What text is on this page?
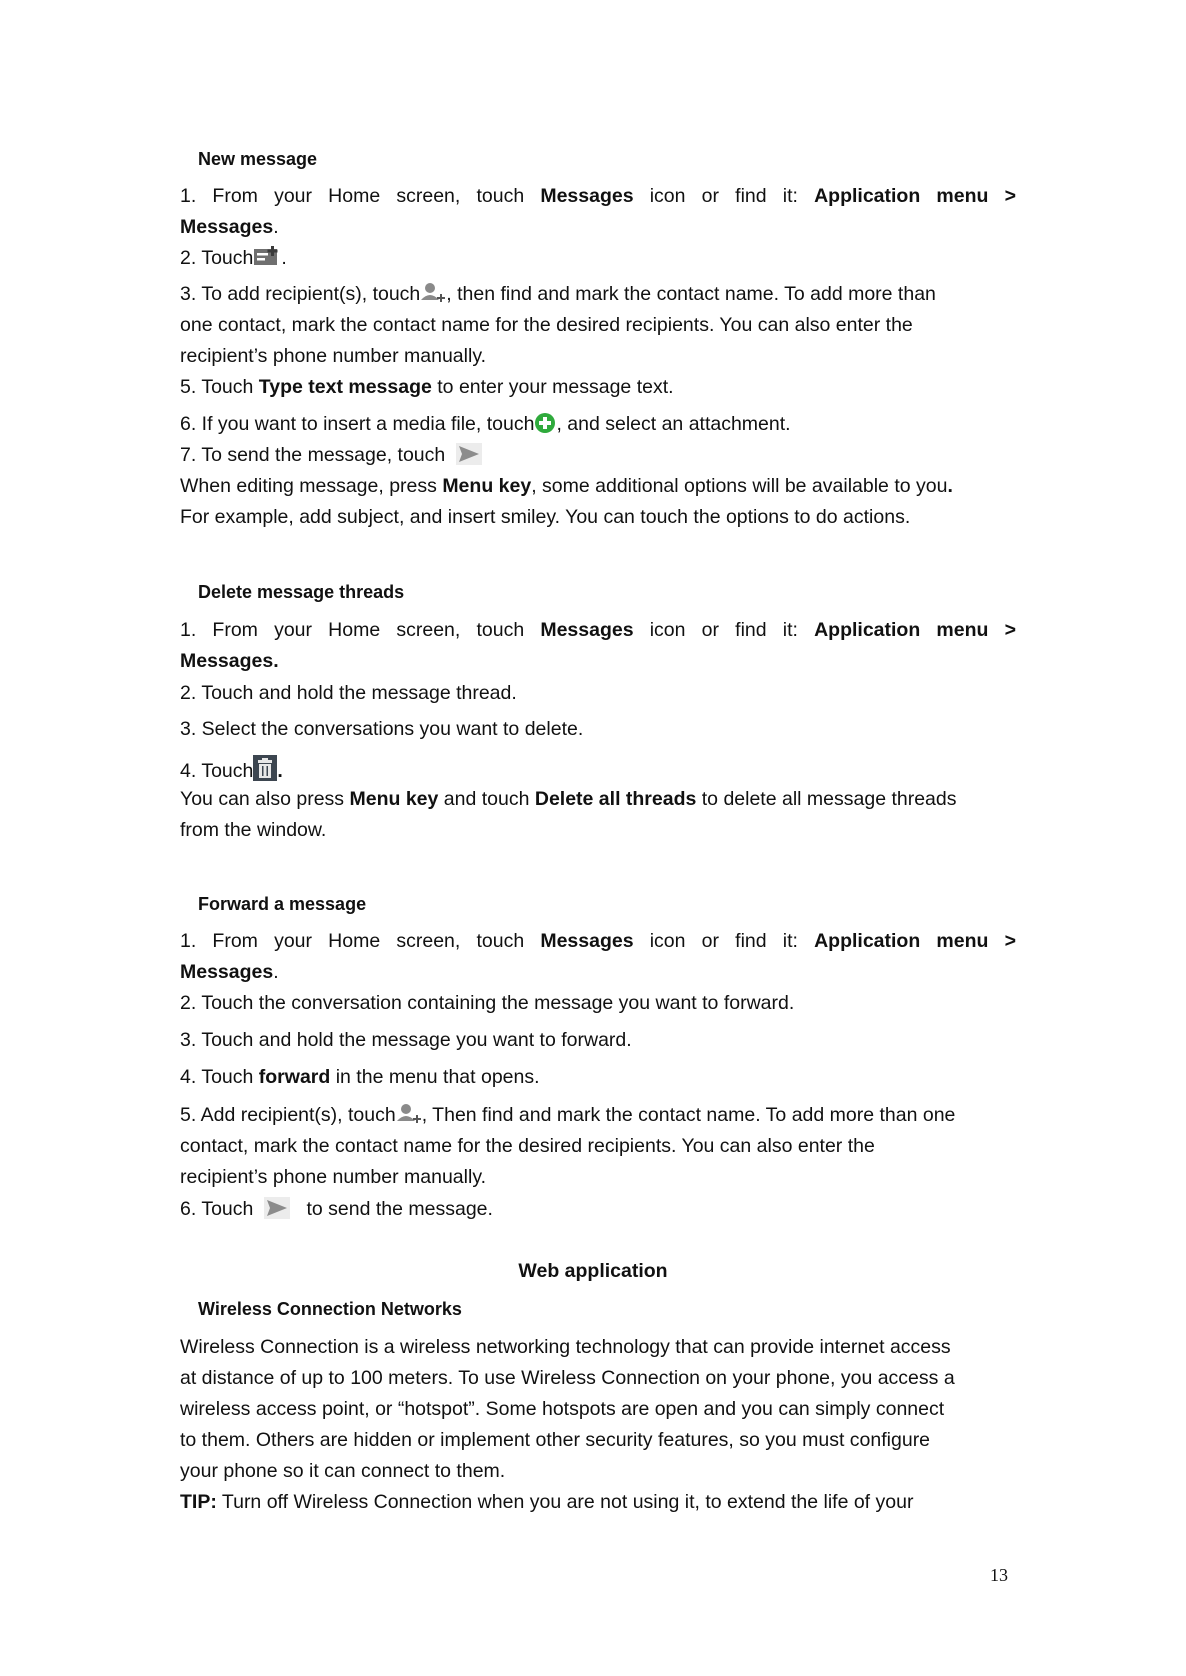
New message
1. From your Home screen, touch Messages icon or find it: Application menu >
Messages.
2. Touch .
3. To add recipient(s), touch , then find and mark the contact name. To add more than
one contact, mark the contact name for the desired recipients. You can also enter the
recipient’s phone number manually.
5. Touch Type text message to enter your message text.
6. If you want to insert a media file, touch , and select an attachment.
7. To send the message, touch
When editing message, press Menu key, some additional options will be available to you.
For example, add subject, and insert smiley. You can touch the options to do actions.
Delete message threads
1. From your Home screen, touch Messages icon or find it: Application menu >
Messages.
2. Touch and hold the message thread.
3. Select the conversations you want to delete.
4. Touch .
You can also press Menu key and touch Delete all threads to delete all message threads
from the window.
Forward a message
1. From your Home screen, touch Messages icon or find it: Application menu >
Messages.
2. Touch the conversation containing the message you want to forward.
3. Touch and hold the message you want to forward.
4. Touch forward in the menu that opens.
5. Add recipient(s), touch , Then find and mark the contact name. To add more than one
contact, mark the contact name for the desired recipients. You can also enter the
recipient’s phone number manually.
6. Touch	to send the message.
Web application
Wireless Connection Networks
Wireless Connection is a wireless networking technology that can provide internet access
at distance of up to 100 meters. To use Wireless Connection on your phone, you access a
wireless access point, or “hotspot”. Some hotspots are open and you can simply connect
to them. Others are hidden or implement other security features, so you must configure
your phone so it can connect to them.
TIP: Turn off Wireless Connection when you are not using it, to extend the life of your
13
